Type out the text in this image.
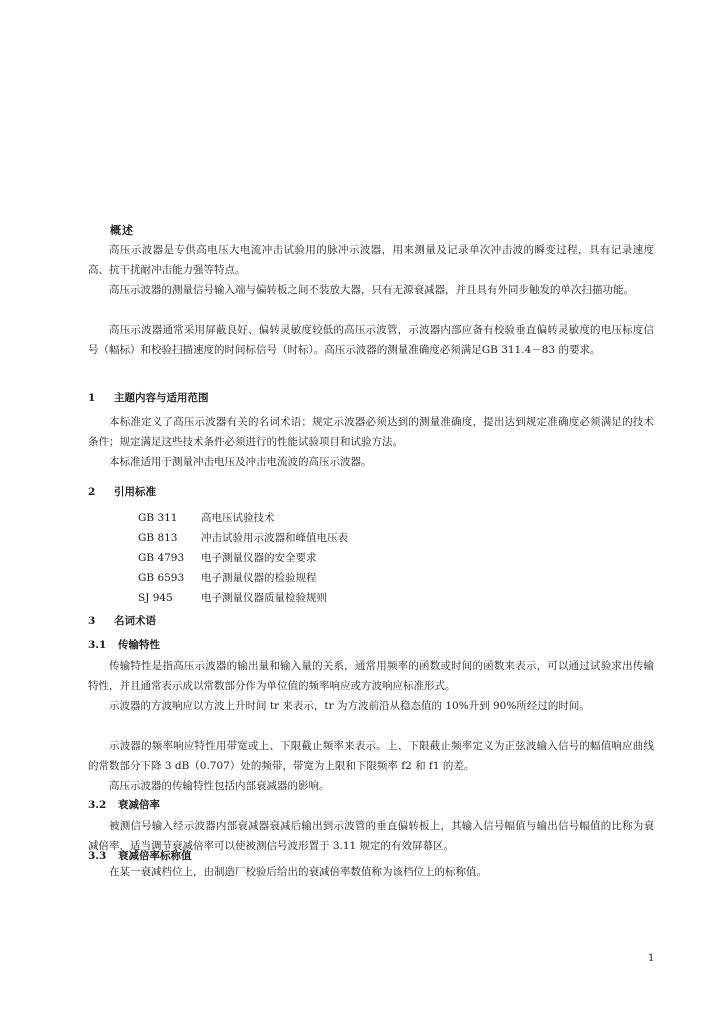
概述
高压示波器是专供高电压大电流冲击试验用的脉冲示波器，用来测量及记录单次冲击波的瞬变过程，具有记录速度高、抗干扰耐冲击能力强等特点。
高压示波器的测量信号输入端与偏转板之间不装放大器，只有无源衰减器，并且具有外同步触发的单次扫描功能。
高压示波器通常采用屏蔽良好、偏转灵敏度较低的高压示波管，示波器内部应备有校验垂直偏转灵敏度的电压标度信号（幅标）和校验扫描速度的时间标信号（时标）。高压示波器的测量准确度必须满足GB 311.4－83 的要求。
1 主题内容与适用范围
本标准定义了高压示波器有关的名词术语；规定示波器必须达到的测量准确度，提出达到规定准确度必须满足的技术条件；规定满足这些技术条件必须进行的性能试验项目和试验方法。
本标准适用于测量冲击电压及冲击电流波的高压示波器。
2 引用标准
GB 311 高电压试验技术
GB 813 冲击试验用示波器和峰值电压表
GB 4793 电子测量仪器的安全要求
GB 6593 电子测量仪器的检验规程
SJ 945	电子测量仪器质量检验规则
3 名词术语
3.1 传输特性
传输特性是指高压示波器的输出量和输入量的关系，通常用频率的函数或时间的函数来表示，可以通过试验求出传输特性，并且通常表示成以常数部分作为单位值的频率响应或方波响应标准形式。
示波器的方波响应以方波上升时间 tr 来表示，tr 为方波前沿从稳态值的 10%升到 90%所经过的时间。
示波器的频率响应特性用带宽或上、下限截止频率来表示。上、下限截止频率定义为正弦波输入信号的幅值响应曲线的常数部分下降 3 dB（0.707）处的频带，带宽为上限和下限频率 f2 和 f1 的差。
高压示波器的传输特性包括内部衰减器的影响。
3.2 衰减倍率
被测信号输入经示波器内部衰减器衰减后输出到示波管的垂直偏转板上，其输入信号幅值与输出信号幅值的比称为衰减倍率，适当调节衰减倍率可以使被测信号波形置于 3.11 规定的有效屏幕区。
3.3 衰减倍率标称值
在某一衰减档位上，由制造厂校验后给出的衰减倍率数值称为该档位上的标称值。
1
